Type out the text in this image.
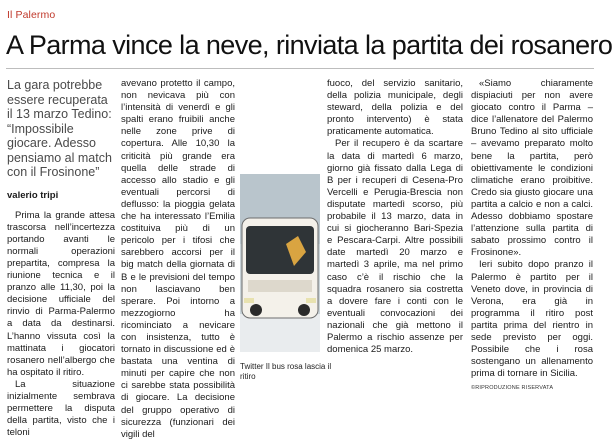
Il Palermo
A Parma vince la neve, rinviata la partita dei rosanero

La gara potrebbe essere recuperata il 13 marzo Tedino: “Impossibile giocare. Adesso pensiamo al match con il Frosinone”

valerio tripi

Prima la grande attesa trascorsa nell’incertezza portando avanti le normali operazioni prepartita, compresa la riunione tecnica e il pranzo alle 11,30, poi la decisione ufficiale del rinvio di Parma-Palermo a data da destinarsi. L’hanno vissuta così la mattinata i giocatori rosanero nell’albergo che ha ospitato il ritiro.

La situazione inizialmente sembrava permettere la disputa della partita, visto che i teloni

avevano protetto il campo, non nevicava più con l’intensità di venerdì e gli spalti erano fruibili anche nelle zone prive di copertura. Alle 10,30 la criticità più grande era quella delle strade di accesso allo stadio e gli eventuali percorsi di deflusso: la pioggia gelata che ha interessato l’Emilia costituiva più di un pericolo per i tifosi che sarebbero accorsi per il big match della giornata di B e le previsioni del tempo non lasciavano ben sperare. Poi intorno a mezzogiorno ha ricominciato a nevicare con insistenza, tutto è tornato in discussione ed è bastata una ventina di minuti per capire che non ci sarebbe stata possibilità di giocare. La decisione del gruppo operativo di sicurezza (funzionari dei vigili del

Twitter Il bus rosa lascia il ritiro

fuoco, del servizio sanitario, della polizia municipale, degli steward, della polizia e del pronto intervento) è stata praticamente automatica.

Per il recupero è da scartare la data di martedì 6 marzo, giorno già fissato dalla Lega di B per i recuperi di Cesena-Pro Vercelli e Perugia-Brescia non disputate martedì scorso, più probabile il 13 marzo, data in cui si giocheranno Bari-Spezia e Pescara-Carpi. Altre possibili date martedì 20 marzo e martedì 3 aprile, ma nel primo caso c’è il rischio che la squadra rosanero sia costretta a dovere fare i conti con le eventuali convocazioni dei nazionali che già mettono il Palermo a rischio assenze per domenica 25 marzo.

«Siamo chiaramente dispiaciuti per non avere giocato contro il Parma – dice l’allenatore del Palermo Bruno Tedino al sito ufficiale – avevamo preparato molto bene la partita, però obiettivamente le condizioni climatiche erano proibitive. Credo sia giusto giocare una partita a calcio e non a calci. Adesso dobbiamo spostare l’attenzione sulla partita di sabato prossimo contro il Frosinone».

Ieri subito dopo pranzo il Palermo è partito per il Veneto dove, in provincia di Verona, era già in programma il ritiro post partita prima del rientro in sede previsto per oggi. Possibile che i rosa sostengano un allenamento prima di tornare in Sicilia.

©RIPRODUZIONE RISERVATA
